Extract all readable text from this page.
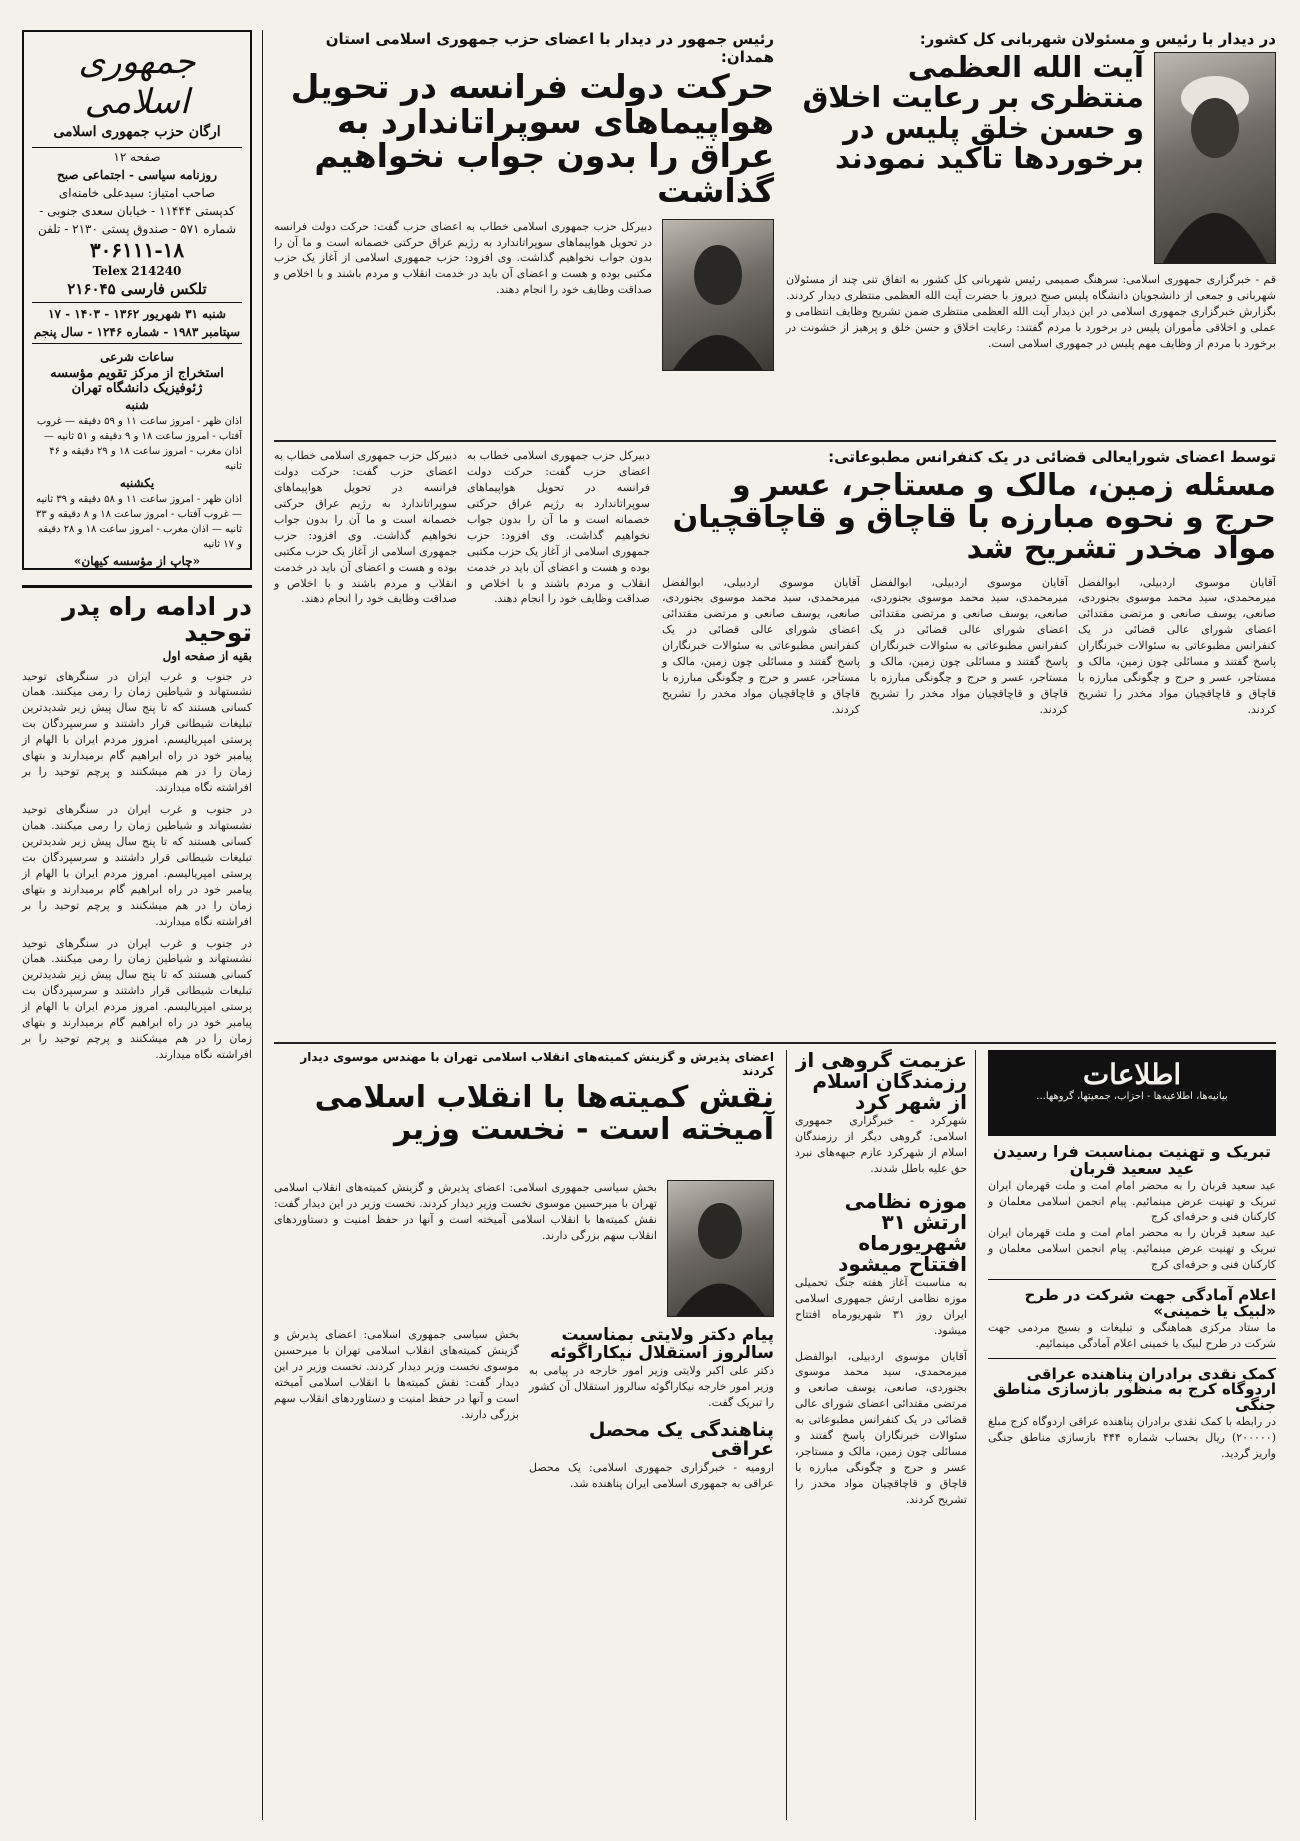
جمهوری اسلامی

ارگان حزب جمهوری اسلامی
صفحه ۱۲
روزنامه سیاسی - اجتماعی صبح
صاحب امتیاز: سیدعلی خامنه‌ای
کدپستی ۱۱۴۴۴ - خیابان سعدی جنوبی - شماره ۵۷۱ - صندوق پستی ۲۱۳۰ - تلفن
۳۰۶۱۱۱-۱۸
Telex 214240
تلکس فارسی ۲۱۶۰۴۵
شنبه ۳۱ شهریور ۱۳۶۲ - ۱۴۰۳ - ۱۷ سپتامبر ۱۹۸۳ - شماره ۱۲۴۶ - سال پنجم
ساعات شرعی
استخراج از مرکز تقویم مؤسسه ژئوفیزیک دانشگاه تهران
شنبه
اذان ظهر - امروز ساعت ۱۱ و ۵۹ دقیقه — غروب آفتاب - امروز ساعت ۱۸ و ۹ دقیقه و ۵۱ ثانیه — اذان مغرب - امروز ساعت ۱۸ و ۲۹ دقیقه و ۴۶ ثانیه
یکشنبه
اذان ظهر - امروز ساعت ۱۱ و ۵۸ دقیقه و ۳۹ ثانیه — غروب آفتاب - امروز ساعت ۱۸ و ۸ دقیقه و ۳۳ ثانیه — اذان مغرب - امروز ساعت ۱۸ و ۲۸ دقیقه و ۱۷ ثانیه
«چاپ از مؤسسه کیهان»
در ادامه راه پدر توحید
بقیه از صفحه اول
در جنوب و غرب ایران در سنگرهای توحید نشستهاند و شیاطین زمان را رمی میکنند. همان کسانی هستند که تا پنج سال پیش زیر شدیدترین تبلیغات شیطانی قرار داشتند و سرسپردگان بت پرستی امپریالیسم. امروز مردم ایران با الهام از پیامبر خود در راه ابراهیم گام برمیدارند و بتهای زمان را در هم میشکنند و پرچم توحید را بر افراشته نگاه میدارند.
در جنوب و غرب ایران در سنگرهای توحید نشستهاند و شیاطین زمان را رمی میکنند. همان کسانی هستند که تا پنج سال پیش زیر شدیدترین تبلیغات شیطانی قرار داشتند و سرسپردگان بت پرستی امپریالیسم. امروز مردم ایران با الهام از پیامبر خود در راه ابراهیم گام برمیدارند و بتهای زمان را در هم میشکنند و پرچم توحید را بر افراشته نگاه میدارند.
در جنوب و غرب ایران در سنگرهای توحید نشستهاند و شیاطین زمان را رمی میکنند. همان کسانی هستند که تا پنج سال پیش زیر شدیدترین تبلیغات شیطانی قرار داشتند و سرسپردگان بت پرستی امپریالیسم. امروز مردم ایران با الهام از پیامبر خود در راه ابراهیم گام برمیدارند و بتهای زمان را در هم میشکنند و پرچم توحید را بر افراشته نگاه میدارند.

رئیس جمهور در دیدار با اعضای حزب جمهوری اسلامی استان همدان:

حرکت دولت فرانسه در تحویل هواپیماهای سوپراتاندارد به عراق را بدون جواب نخواهیم گذاشت
دبیرکل حزب جمهوری اسلامی خطاب به اعضای حزب گفت: حرکت دولت فرانسه در تحویل هواپیماهای سوپراتاندارد به رژیم عراق حرکتی خصمانه است و ما آن را بدون جواب نخواهیم گذاشت. وی افزود: حزب جمهوری اسلامی از آغاز یک حزب مکتبی بوده و هست و اعضای آن باید در خدمت انقلاب و مردم باشند و با اخلاص و صداقت وظایف خود را انجام دهند.

در دیدار با رئیس و مسئولان شهربانی کل کشور:

آیت الله العظمی منتظری بر رعایت اخلاق و حسن خلق پلیس در برخوردها تاکید نمودند
قم - خبرگزاری جمهوری اسلامی: سرهنگ صمیمی رئیس شهربانی کل کشور به اتفاق تنی چند از مسئولان شهربانی و جمعی از دانشجویان دانشگاه پلیس صبح دیروز با حضرت آیت الله العظمی منتظری دیدار کردند. بگزارش خبرگزاری جمهوری اسلامی در این دیدار آیت الله العظمی منتظری ضمن تشریح وظایف انتظامی و عملی و اخلاقی مأموران پلیس در برخورد با مردم گفتند: رعایت اخلاق و حسن خلق و پرهیز از خشونت در برخورد با مردم از وظایف مهم پلیس در جمهوری اسلامی است.

توسط اعضای شورایعالی قضائی در یک کنفرانس مطبوعاتی:

مسئله زمین، مالک و مستاجر، عسر و حرج و نحوه مبارزه با قاچاق و قاچاقچیان مواد مخدر تشریح شد
آقایان موسوی اردبیلی، ابوالفضل میرمحمدی، سید محمد موسوی بجنوردی، صانعی، یوسف صانعی و مرتضی مقتدائی اعضای شورای عالی قضائی در یک کنفرانس مطبوعاتی به سئوالات خبرنگاران پاسخ گفتند و مسائلی چون زمین، مالک و مستاجر، عسر و حرج و چگونگی مبارزه با قاچاق و قاچاقچیان مواد مخدر را تشریح کردند.
آقایان موسوی اردبیلی، ابوالفضل میرمحمدی، سید محمد موسوی بجنوردی، صانعی، یوسف صانعی و مرتضی مقتدائی اعضای شورای عالی قضائی در یک کنفرانس مطبوعاتی به سئوالات خبرنگاران پاسخ گفتند و مسائلی چون زمین، مالک و مستاجر، عسر و حرج و چگونگی مبارزه با قاچاق و قاچاقچیان مواد مخدر را تشریح کردند.
آقایان موسوی اردبیلی، ابوالفضل میرمحمدی، سید محمد موسوی بجنوردی، صانعی، یوسف صانعی و مرتضی مقتدائی اعضای شورای عالی قضائی در یک کنفرانس مطبوعاتی به سئوالات خبرنگاران پاسخ گفتند و مسائلی چون زمین، مالک و مستاجر، عسر و حرج و چگونگی مبارزه با قاچاق و قاچاقچیان مواد مخدر را تشریح کردند.
دبیرکل حزب جمهوری اسلامی خطاب به اعضای حزب گفت: حرکت دولت فرانسه در تحویل هواپیماهای سوپراتاندارد به رژیم عراق حرکتی خصمانه است و ما آن را بدون جواب نخواهیم گذاشت. وی افزود: حزب جمهوری اسلامی از آغاز یک حزب مکتبی بوده و هست و اعضای آن باید در خدمت انقلاب و مردم باشند و با اخلاص و صداقت وظایف خود را انجام دهند.
دبیرکل حزب جمهوری اسلامی خطاب به اعضای حزب گفت: حرکت دولت فرانسه در تحویل هواپیماهای سوپراتاندارد به رژیم عراق حرکتی خصمانه است و ما آن را بدون جواب نخواهیم گذاشت. وی افزود: حزب جمهوری اسلامی از آغاز یک حزب مکتبی بوده و هست و اعضای آن باید در خدمت انقلاب و مردم باشند و با اخلاص و صداقت وظایف خود را انجام دهند.

اعضای پذیرش و گزینش کمیته‌های انقلاب اسلامی تهران با مهندس موسوی دیدار کردند

نقش کمیته‌ها با انقلاب اسلامی آمیخته است - نخست وزیر
بخش سیاسی جمهوری اسلامی: اعضای پذیرش و گزینش کمیته‌های انقلاب اسلامی تهران با میرحسین موسوی نخست وزیر دیدار کردند. نخست وزیر در این دیدار گفت: نقش کمیته‌ها با انقلاب اسلامی آمیخته است و آنها در حفظ امنیت و دستاوردهای انقلاب سهم بزرگی دارند.
بخش سیاسی جمهوری اسلامی: اعضای پذیرش و گزینش کمیته‌های انقلاب اسلامی تهران با میرحسین موسوی نخست وزیر دیدار کردند. نخست وزیر در این دیدار گفت: نقش کمیته‌ها با انقلاب اسلامی آمیخته است و آنها در حفظ امنیت و دستاوردهای انقلاب سهم بزرگی دارند.
پیام دکتر ولایتی بمناسبت سالروز استقلال نیکاراگوئه
دکتر علی اکبر ولایتی وزیر امور خارجه در پیامی به وزیر امور خارجه نیکاراگوئه سالروز استقلال آن کشور را تبریک گفت.
پناهندگی یک محصل عراقی
ارومیه - خبرگزاری جمهوری اسلامی: یک محصل عراقی به جمهوری اسلامی ایران پناهنده شد.
عزیمت گروهی از رزمندگان اسلام از شهر کرد
شهرکرد - خبرگزاری جمهوری اسلامی: گروهی دیگر از رزمندگان اسلام از شهرکرد عازم جبهه‌های نبرد حق علیه باطل شدند.
موزه نظامی ارتش ۳۱ شهریورماه افتتاح میشود
به مناسبت آغاز هفته جنگ تحمیلی موزه نظامی ارتش جمهوری اسلامی ایران روز ۳۱ شهریورماه افتتاح میشود.
آقایان موسوی اردبیلی، ابوالفضل میرمحمدی، سید محمد موسوی بجنوردی، صانعی، یوسف صانعی و مرتضی مقتدائی اعضای شورای عالی قضائی در یک کنفرانس مطبوعاتی به سئوالات خبرنگاران پاسخ گفتند و مسائلی چون زمین، مالک و مستاجر، عسر و حرج و چگونگی مبارزه با قاچاق و قاچاقچیان مواد مخدر را تشریح کردند.
اطلاعات
بیانیه‌ها، اطلاعیه‌ها - احزاب، جمعیتها، گروهها...
تبریک و تهنیت بمناسبت فرا رسیدن عید سعید قربان
عید سعید قربان را به محضر امام امت و ملت قهرمان ایران تبریک و تهنیت عرض مینمائیم. پیام انجمن اسلامی معلمان و کارکنان فنی و حرفه‌ای کرج
عید سعید قربان را به محضر امام امت و ملت قهرمان ایران تبریک و تهنیت عرض مینمائیم. پیام انجمن اسلامی معلمان و کارکنان فنی و حرفه‌ای کرج
اعلام آمادگی جهت شرکت در طرح «لبیک یا خمینی»
ما ستاد مرکزی هماهنگی و تبلیغات و بسیج مردمی جهت شرکت در طرح لبیک یا خمینی اعلام آمادگی مینمائیم.
کمک نقدی برادران پناهنده عراقی اردوگاه کرج به منظور بازسازی مناطق جنگی
در رابطه با کمک نقدی برادران پناهنده عراقی اردوگاه کرج مبلغ (۲۰۰۰۰۰) ریال بحساب شماره ۴۴۴ بازسازی مناطق جنگی واریز گردید.
